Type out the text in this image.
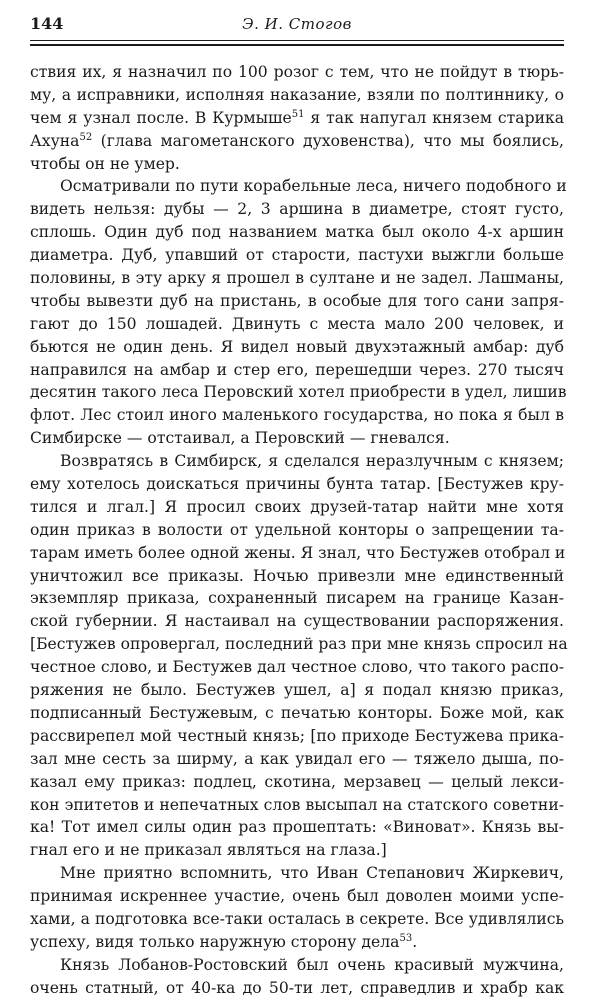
144	Э. И. Стогов
ствия их, я назначил по 100 розог с тем, что не пойдут в тюрь-
му, а исправники, исполняя наказание, взяли по полтиннику, о
чем я узнал после. В Курмыше$^{51}$ я так напугал князем старика
Ахуна$^{52}$ (глава магометанского духовенства), что мы боялись,
чтобы он не умер.
Осматривали по пути корабельные леса, ничего подобного и
видеть нельзя: дубы — 2, 3 аршина в диаметре, стоят густо,
сплошь. Один дуб под названием матка был около 4-х аршин
диаметра. Дуб, упавший от старости, пастухи выжгли больше
половины, в эту арку я прошел в султане и не задел. Лашманы,
чтобы вывезти дуб на пристань, в особые для того сани запря-
гают до 150 лошадей. Двинуть с места мало 200 человек, и
бьются не один день. Я видел новый двухэтажный амбар: дуб
направился на амбар и стер его, перешедши через. 270 тысяч
десятин такого леса Перовский хотел приобрести в удел, лишив
флот. Лес стоил иного маленького государства, но пока я был в
Симбирске — отстаивал, а Перовский — гневался.
Возвратясь в Симбирск, я сделался неразлучным с князем;
ему хотелось доискаться причины бунта татар. [Бестужев кру-
тился и лгал.] Я просил своих друзей-татар найти мне хотя
один приказ в волости от удельной конторы о запрещении та-
тарам иметь более одной жены. Я знал, что Бестужев отобрал и
уничтожил все приказы. Ночью привезли мне единственный
экземпляр приказа, сохраненный писарем на границе Казан-
ской губернии. Я настаивал на существовании распоряжения.
[Бестужев опровергал, последний раз при мне князь спросил на
честное слово, и Бестужев дал честное слово, что такого распо-
ряжения не было. Бестужев ушел, а] я подал князю приказ,
подписанный Бестужевым, с печатью конторы. Боже мой, как
рассвирепел мой честный князь; [по приходе Бестужева прика-
зал мне сесть за ширму, а как увидал его — тяжело дыша, по-
казал ему приказ: подлец, скотина, мерзавец — целый лекси-
кон эпитетов и непечатных слов высыпал на статского советни-
ка! Тот имел силы один раз прошептать: «Виноват». Князь вы-
гнал его и не приказал являться на глаза.]
Мне приятно вспомнить, что Иван Степанович Жиркевич,
принимая искреннее участие, очень был доволен моими успе-
хами, а подготовка все-таки осталась в секрете. Все удивлялись
успеху, видя только наружную сторону дела$^{53}$.
Князь Лобанов-Ростовский был очень красивый мужчина,
очень статный, от 40-ка до 50-ти лет, справедлив и храбр как
